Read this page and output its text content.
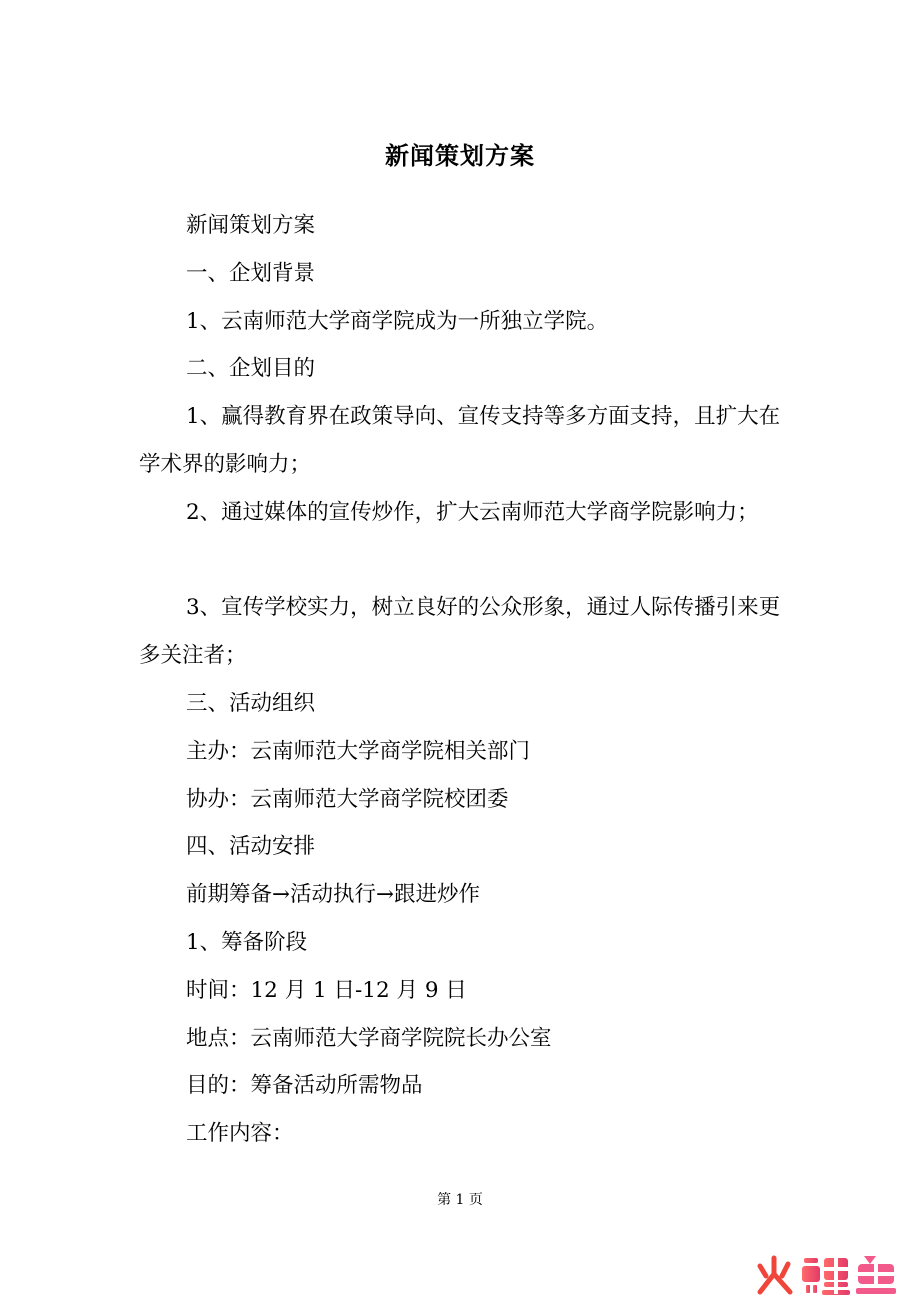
新闻策划方案

新闻策划方案

一、企划背景

1、云南师范大学商学院成为一所独立学院。

二、企划目的

1、赢得教育界在政策导向、宣传支持等多方面支持，且扩大在学术界的影响力；

2、通过媒体的宣传炒作，扩大云南师范大学商学院影响力；

3、宣传学校实力，树立良好的公众形象，通过人际传播引来更多关注者；

三、活动组织

主办：云南师范大学商学院相关部门

协办：云南师范大学商学院校团委

四、活动安排

前期筹备→活动执行→跟进炒作

1、筹备阶段

时间：12 月 1 日-12 月 9 日

地点：云南师范大学商学院院长办公室

目的：筹备活动所需物品

工作内容：

第 1 页
